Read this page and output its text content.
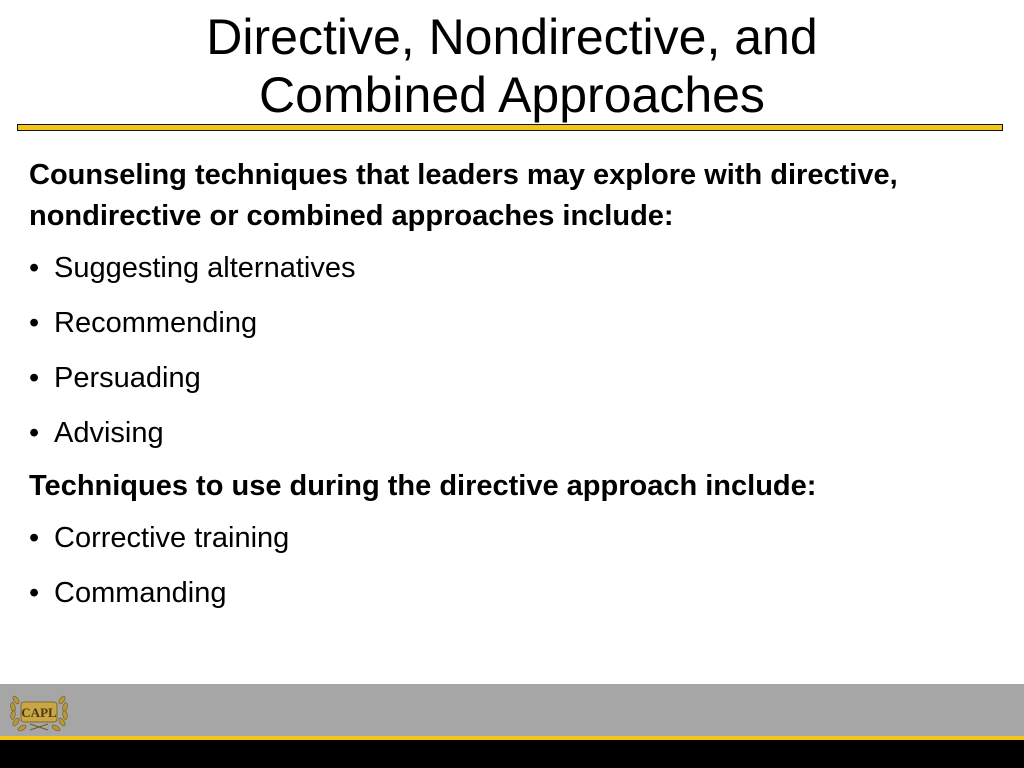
Directive, Nondirective, and
Combined Approaches

Counseling techniques that leaders may explore with directive, nondirective or combined approaches include:

• Suggesting alternatives
• Recommending
• Persuading
• Advising

Techniques to use during the directive approach include:

• Corrective training
• Commanding
CAPL
